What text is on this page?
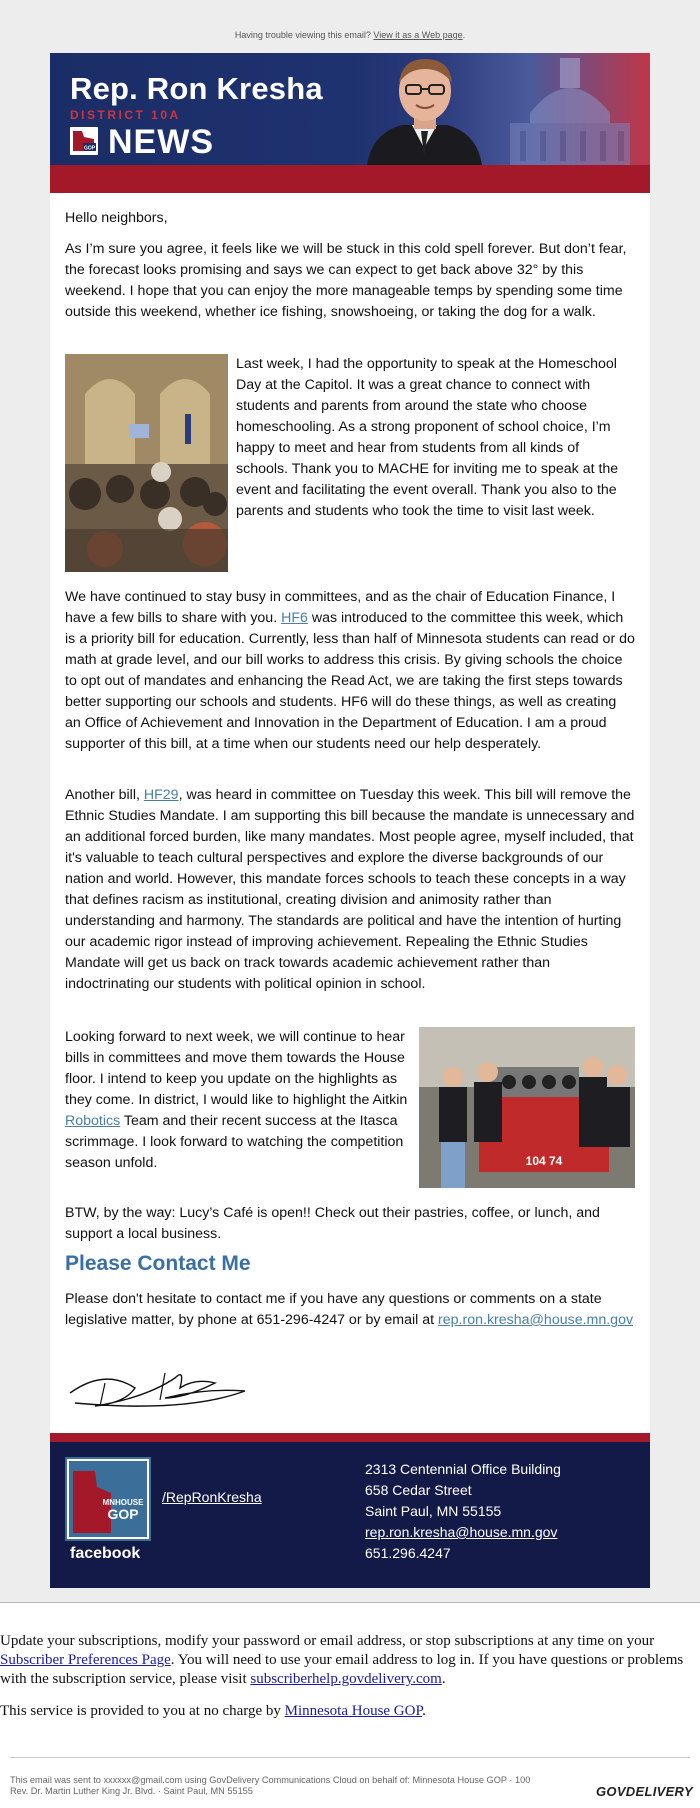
Having trouble viewing this email? View it as a Web page.
Rep. Ron Kresha
DISTRICT 10A
GOP NEWS

Hello neighbors,

As I’m sure you agree, it feels like we will be stuck in this cold spell forever. But don’t fear, the forecast looks promising and says we can expect to get back above 32° by this weekend. I hope that you can enjoy the more manageable temps by spending some time outside this weekend, whether ice fishing, snowshoeing, or taking the dog for a walk.

Last week, I had the opportunity to speak at the Homeschool Day at the Capitol. It was a great chance to connect with students and parents from around the state who choose homeschooling. As a strong proponent of school choice, I’m happy to meet and hear from students from all kinds of schools. Thank you to MACHE for inviting me to speak at the event and facilitating the event overall. Thank you also to the parents and students who took the time to visit last week.

We have continued to stay busy in committees, and as the chair of Education Finance, I have a few bills to share with you. HF6 was introduced to the committee this week, which is a priority bill for education. Currently, less than half of Minnesota students can read or do math at grade level, and our bill works to address this crisis. By giving schools the choice to opt out of mandates and enhancing the Read Act, we are taking the first steps towards better supporting our schools and students. HF6 will do these things, as well as creating an Office of Achievement and Innovation in the Department of Education. I am a proud supporter of this bill, at a time when our students need our help desperately.

Another bill, HF29, was heard in committee on Tuesday this week. This bill will remove the Ethnic Studies Mandate. I am supporting this bill because the mandate is unnecessary and an additional forced burden, like many mandates. Most people agree, myself included, that it's valuable to teach cultural perspectives and explore the diverse backgrounds of our nation and world. However, this mandate forces schools to teach these concepts in a way that defines racism as institutional, creating division and animosity rather than understanding and harmony. The standards are political and have the intention of hurting our academic rigor instead of improving achievement. Repealing the Ethnic Studies Mandate will get us back on track towards academic achievement rather than indoctrinating our students with political opinion in school.

Looking forward to next week, we will continue to hear bills in committees and move them towards the House floor. I intend to keep you update on the highlights as they come. In district, I would like to highlight the Aitkin Robotics Team and their recent success at the Itasca scrimmage. I look forward to watching the competition season unfold.	104 74

BTW, by the way: Lucy’s Café is open!! Check out their pastries, coffee, or lunch, and support a local business.

Please Contact Me

Please don't hesitate to contact me if you have any questions or comments on a state legislative matter, by phone at 651-296-4247 or by email at rep.ron.kresha@house.mn.gov

MNHOUSE
GOP
facebook
/RepRonKresha
2313 Centennial Office Building
658 Cedar Street
Saint Paul, MN 55155
rep.ron.kresha@house.mn.gov
651.296.4247
Update your subscriptions, modify your password or email address, or stop subscriptions at any time on your Subscriber Preferences Page. You will need to use your email address to log in. If you have questions or problems with the subscription service, please visit subscriberhelp.govdelivery.com.
This service is provided to you at no charge by Minnesota House GOP.
This email was sent to xxxxxx@gmail.com using GovDelivery Communications Cloud on behalf of: Minnesota House GOP · 100
Rev. Dr. Martin Luther King Jr. Blvd. · Saint Paul, MN 55155	GOVDELIVERY
